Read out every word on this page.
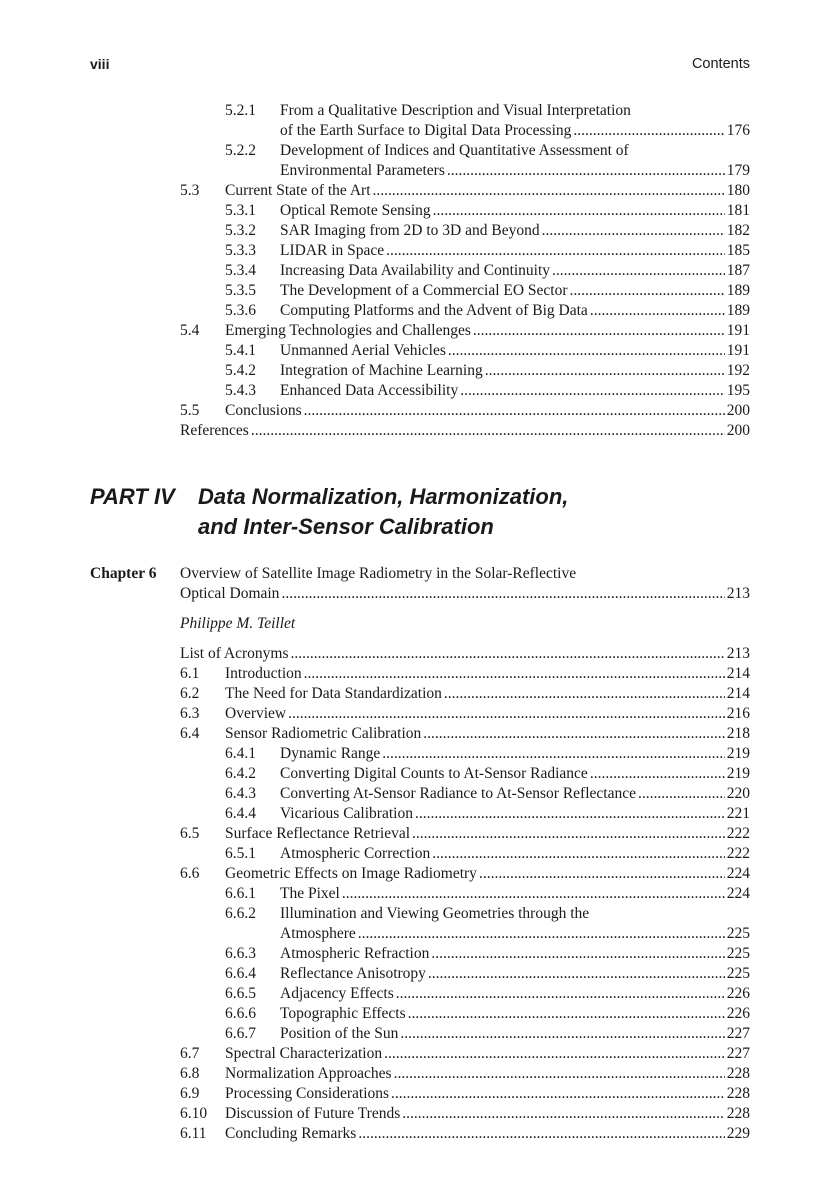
viii	Contents
5.2.1 From a Qualitative Description and Visual Interpretation
of the Earth Surface to Digital Data Processing .....	176
5.2.2 Development of Indices and Quantitative Assessment of
Environmental Parameters .....	179
5.3 Current State of the Art .....	180
5.3.1 Optical Remote Sensing .....	181
5.3.2 SAR Imaging from 2D to 3D and Beyond .....	182
5.3.3 LIDAR in Space .....	185
5.3.4 Increasing Data Availability and Continuity .....	187
5.3.5 The Development of a Commercial EO Sector .....	189
5.3.6 Computing Platforms and the Advent of Big Data .....	189
5.4 Emerging Technologies and Challenges .....	191
5.4.1 Unmanned Aerial Vehicles .....	191
5.4.2 Integration of Machine Learning .....	192
5.4.3 Enhanced Data Accessibility .....	195
5.5 Conclusions .....	200
References .....	200
PART IV Data Normalization, Harmonization,
and Inter-Sensor Calibration
Chapter 6 Overview of Satellite Image Radiometry in the Solar-Reflective
Optical Domain .....	213
Philippe M. Teillet
List of Acronyms .....	213
6.1 Introduction .....	214
6.2 The Need for Data Standardization .....	214
6.3 Overview .....	216
6.4 Sensor Radiometric Calibration .....	218
6.4.1 Dynamic Range .....	219
6.4.2 Converting Digital Counts to At-Sensor Radiance .....	219
6.4.3 Converting At-Sensor Radiance to At-Sensor Reflectance .....	220
6.4.4 Vicarious Calibration .....	221
6.5 Surface Reflectance Retrieval .....	222
6.5.1 Atmospheric Correction .....	222
6.6 Geometric Effects on Image Radiometry .....	224
6.6.1 The Pixel .....	224
6.6.2 Illumination and Viewing Geometries through the
Atmosphere .....	225
6.6.3 Atmospheric Refraction .....	225
6.6.4 Reflectance Anisotropy .....	225
6.6.5 Adjacency Effects .....	226
6.6.6 Topographic Effects .....	226
6.6.7 Position of the Sun .....	227
6.7 Spectral Characterization .....	227
6.8 Normalization Approaches .....	228
6.9 Processing Considerations .....	228
6.10 Discussion of Future Trends .....	228
6.11 Concluding Remarks .....	229
